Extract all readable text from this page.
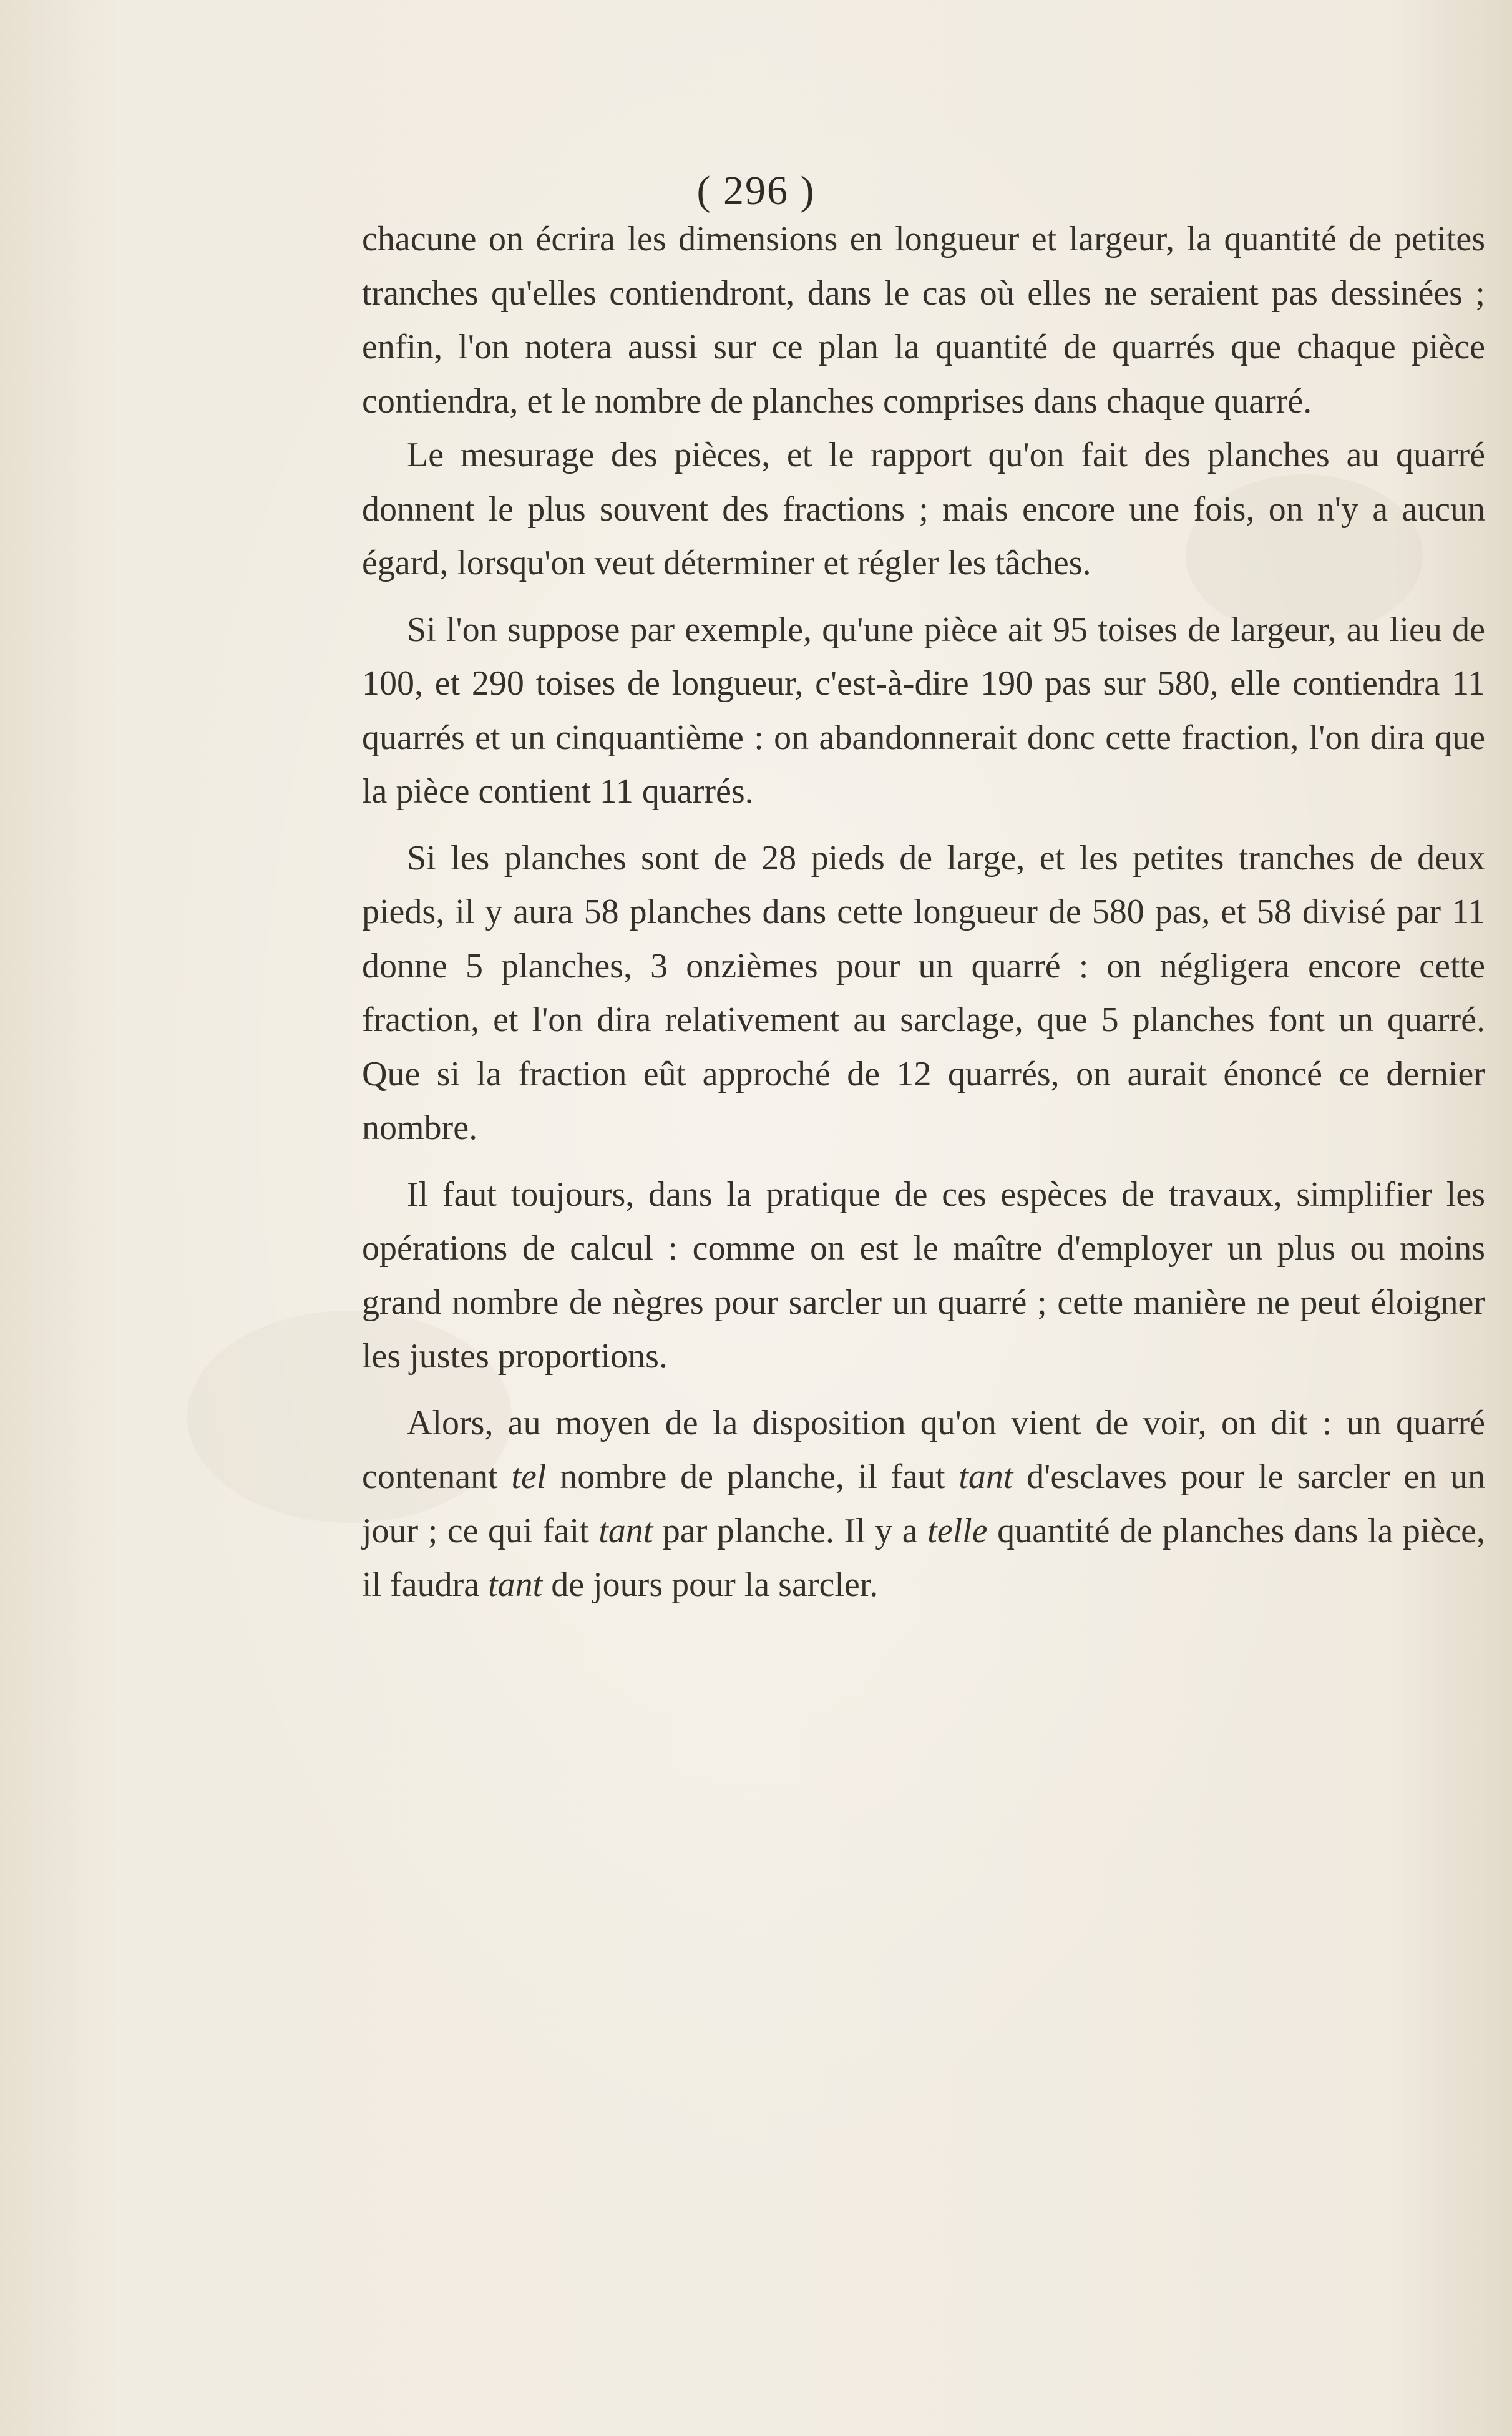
( 296 )

chacune on écrira les dimensions en longueur et largeur, la quantité de petites tranches qu'elles contiendront, dans le cas où elles ne seraient pas dessinées ; enfin, l'on notera aussi sur ce plan la quantité de quarrés que chaque pièce contiendra, et le nombre de planches comprises dans chaque quarré.

Le mesurage des pièces, et le rapport qu'on fait des planches au quarré donnent le plus souvent des fractions ; mais encore une fois, on n'y a aucun égard, lorsqu'on veut déterminer et régler les tâches.

Si l'on suppose par exemple, qu'une pièce ait 95 toises de largeur, au lieu de 100, et 290 toises de longueur, c'est-à-dire 190 pas sur 580, elle contiendra 11 quarrés et un cinquantième : on abandonnerait donc cette fraction, l'on dira que la pièce contient 11 quarrés.

Si les planches sont de 28 pieds de large, et les petites tranches de deux pieds, il y aura 58 planches dans cette longueur de 580 pas, et 58 divisé par 11 donne 5 planches, 3 onzièmes pour un quarré : on négligera encore cette fraction, et l'on dira relativement au sarclage, que 5 planches font un quarré. Que si la fraction eût approché de 12 quarrés, on aurait énoncé ce dernier nombre.

Il faut toujours, dans la pratique de ces espèces de travaux, simplifier les opérations de calcul : comme on est le maître d'employer un plus ou moins grand nombre de nègres pour sarcler un quarré ; cette manière ne peut éloigner les justes proportions.

Alors, au moyen de la disposition qu'on vient de voir, on dit : un quarré contenant tel nombre de planche, il faut tant d'esclaves pour le sarcler en un jour ; ce qui fait tant par planche. Il y a telle quantité de planches dans la pièce, il faudra tant de jours pour la sarcler.
